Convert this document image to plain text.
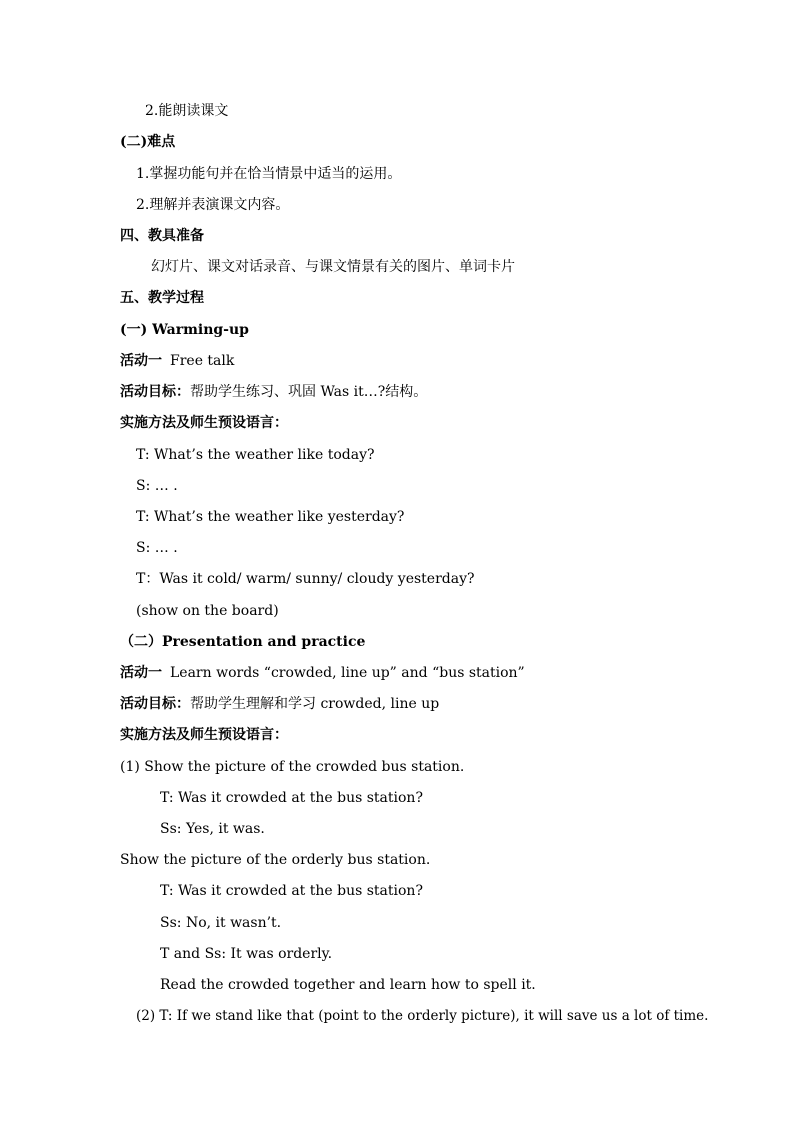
2.能朗读课文
(二)难点
1.掌握功能句并在恰当情景中适当的运用。
2.理解并表演课文内容。
四、教具准备
幻灯片、课文对话录音、与课文情景有关的图片、单词卡片
五、教学过程
(一) Warming-up
活动一 Free talk
活动目标：帮助学生练习、巩固 Was it…?结构。
实施方法及师生预设语言：
T: What’s the weather like today?
S: … .
T: What’s the weather like yesterday?
S: … .
T：Was it cold/ warm/ sunny/ cloudy yesterday?
(show on the board)
（二）Presentation and practice
活动一 Learn words “crowded, line up” and “bus station”
活动目标：帮助学生理解和学习 crowded, line up
实施方法及师生预设语言：
(1) Show the picture of the crowded bus station.
T: Was it crowded at the bus station?
Ss: Yes, it was.
Show the picture of the orderly bus station.
T: Was it crowded at the bus station?
Ss: No, it wasn’t.
T and Ss: It was orderly.
Read the crowded together and learn how to spell it.
(2) T: If we stand like that (point to the orderly picture), it will save us a lot of time.
